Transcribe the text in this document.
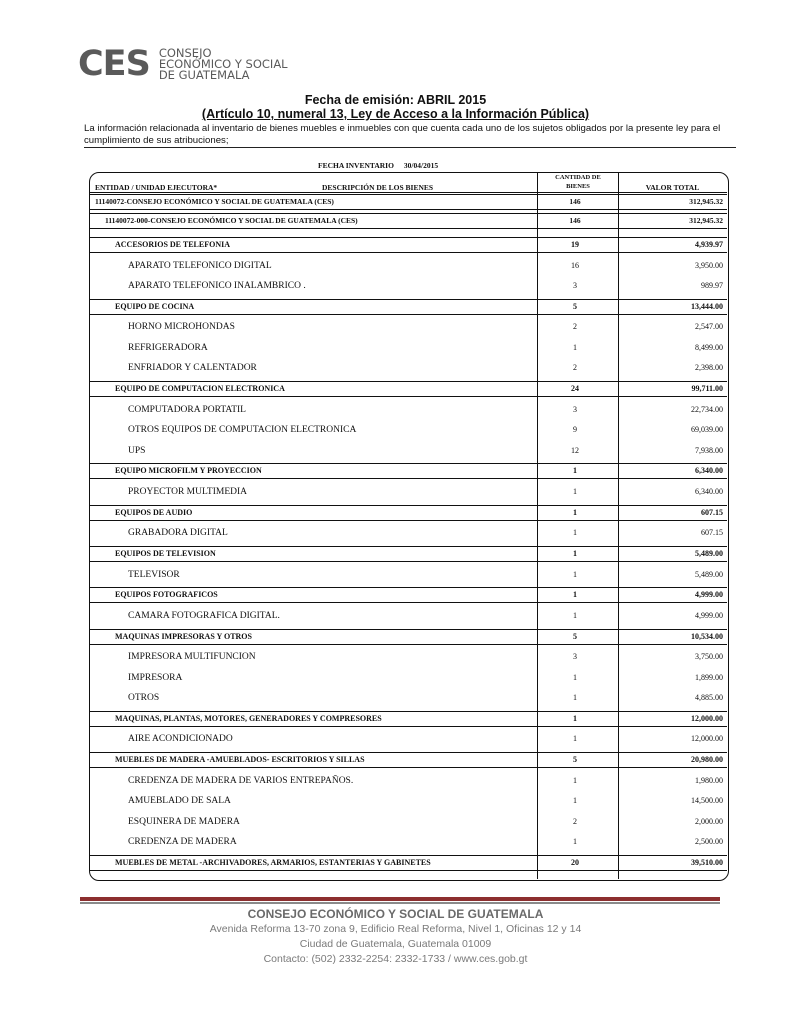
CES CONSEJO
ECONÓMICO Y SOCIAL
DE GUATEMALA
Fecha de emisión: ABRIL 2015
(Artículo 10, numeral 13, Ley de Acceso a la Información Pública)
La información relacionada al inventario de bienes muebles e inmuebles con que cuenta cada uno de los sujetos obligados por la presente ley para el cumplimiento de sus atribuciones;
FECHA INVENTARIO 30/04/2015
ENTIDAD / UNIDAD EJECUTORA*	DESCRIPCIÓN DE LOS BIENES
CANTIDAD DE BIENES	VALOR TOTAL
11140072-CONSEJO ECONÓMICO Y SOCIAL DE GUATEMALA (CES)	146	312,945.32
11140072-000-CONSEJO ECONÓMICO Y SOCIAL DE GUATEMALA (CES)	146	312,945.32
ACCESORIOS DE TELEFONIA	19	4,939.97
APARATO TELEFONICO DIGITAL	16	3,950.00
APARATO TELEFONICO INALAMBRICO .	3	989.97
EQUIPO DE COCINA	5	13,444.00
HORNO MICROHONDAS	2	2,547.00
REFRIGERADORA	1	8,499.00
ENFRIADOR Y CALENTADOR	2	2,398.00
EQUIPO DE COMPUTACION ELECTRONICA	24	99,711.00
COMPUTADORA PORTATIL	3	22,734.00
OTROS EQUIPOS DE COMPUTACION ELECTRONICA	9	69,039.00
UPS	12	7,938.00
EQUIPO MICROFILM Y PROYECCION	1	6,340.00
PROYECTOR MULTIMEDIA	1	6,340.00
EQUIPOS DE AUDIO	1	607.15
GRABADORA DIGITAL	1	607.15
EQUIPOS DE TELEVISION	1	5,489.00
TELEVISOR	1	5,489.00
EQUIPOS FOTOGRAFICOS	1	4,999.00
CAMARA FOTOGRAFICA DIGITAL.	1	4,999.00
MAQUINAS IMPRESORAS Y OTROS	5	10,534.00
IMPRESORA MULTIFUNCION	3	3,750.00
IMPRESORA	1	1,899.00
OTROS	1	4,885.00
MAQUINAS, PLANTAS, MOTORES, GENERADORES Y COMPRESORES	1	12,000.00
AIRE ACONDICIONADO	1	12,000.00
MUEBLES DE MADERA -AMUEBLADOS- ESCRITORIOS Y SILLAS	5	20,980.00
CREDENZA DE MADERA DE VARIOS ENTREPAÑOS.	1	1,980.00
AMUEBLADO DE SALA	1	14,500.00
ESQUINERA DE MADERA	2	2,000.00
CREDENZA DE MADERA	1	2,500.00
MUEBLES DE METAL -ARCHIVADORES, ARMARIOS, ESTANTERIAS Y GABINETES	20	39,510.00
CONSEJO ECONÓMICO Y SOCIAL DE GUATEMALA
Avenida Reforma 13-70 zona 9, Edificio Real Reforma, Nivel 1, Oficinas 12 y 14
Ciudad de Guatemala, Guatemala 01009
Contacto: (502) 2332-2254: 2332-1733 / www.ces.gob.gt
